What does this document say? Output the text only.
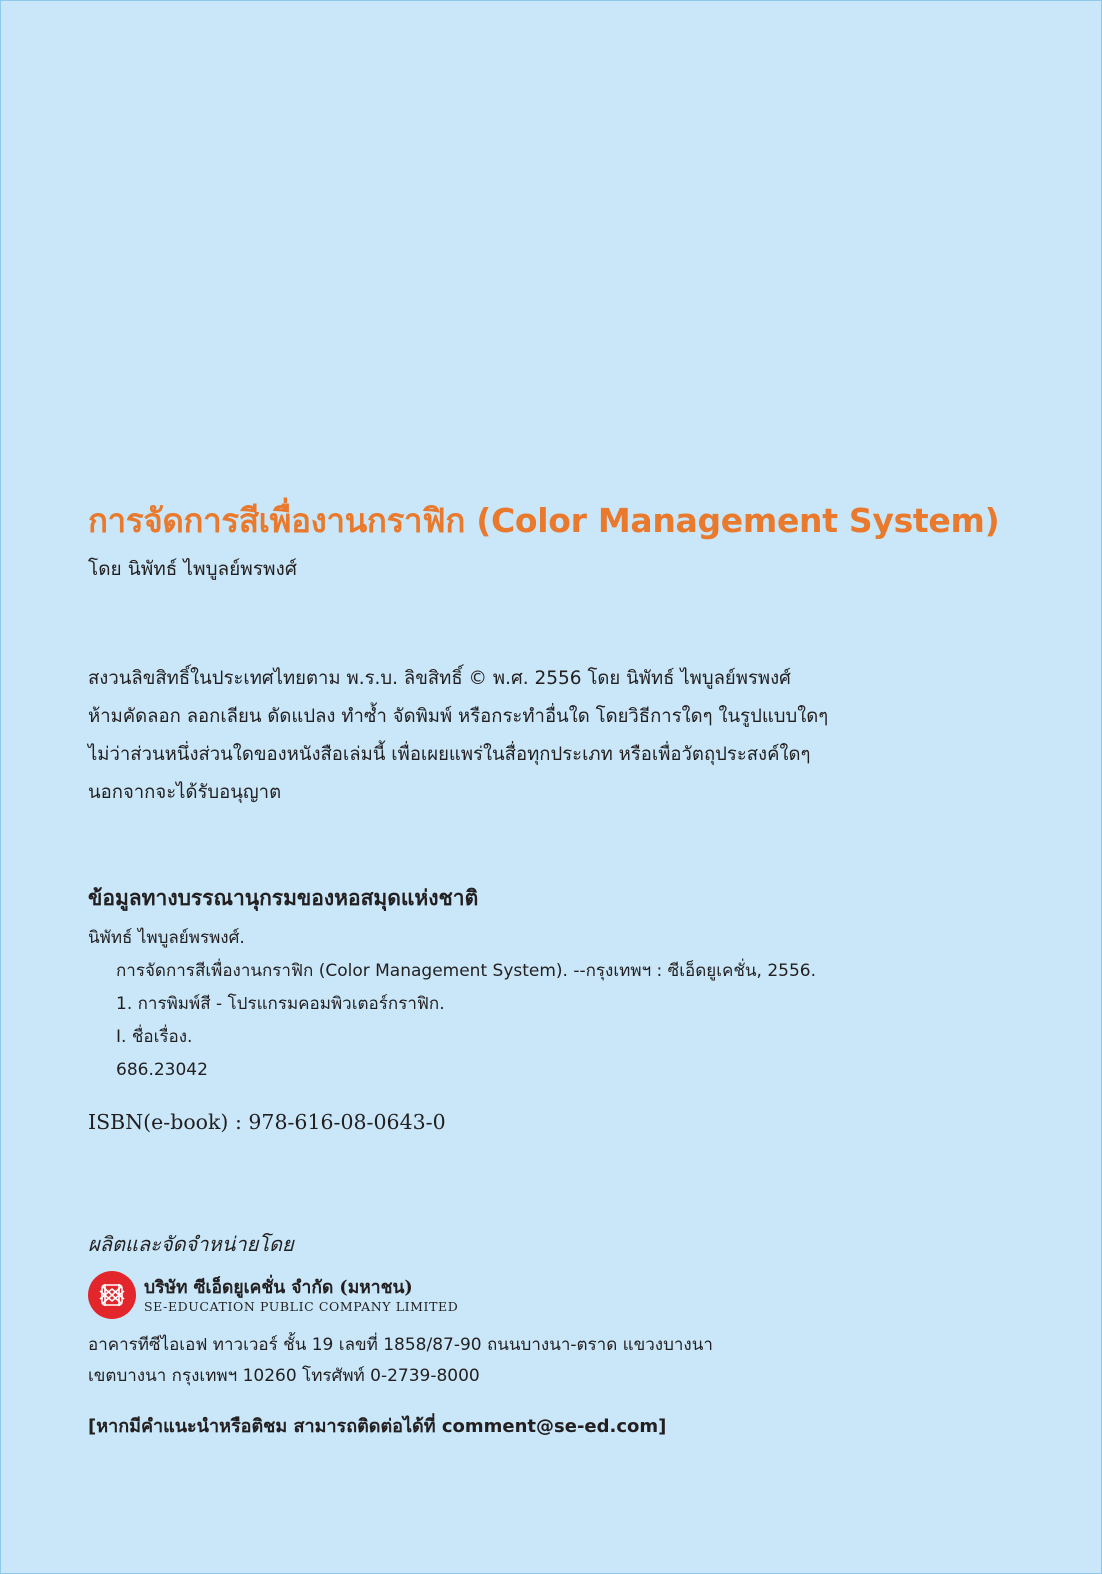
การจัดการสีเพื่องานกราฟิก (Color Management System)
โดย นิพัทธ์ ไพบูลย์พรพงศ์
สงวนลิขสิทธิ์ในประเทศไทยตาม พ.ร.บ. ลิขสิทธิ์ © พ.ศ. 2556 โดย นิพัทธ์ ไพบูลย์พรพงศ์
ห้ามคัดลอก ลอกเลียน ดัดแปลง ทำซ้ำ จัดพิมพ์ หรือกระทำอื่นใด โดยวิธีการใดๆ ในรูปแบบใดๆ
ไม่ว่าส่วนหนึ่งส่วนใดของหนังสือเล่มนี้ เพื่อเผยแพร่ในสื่อทุกประเภท หรือเพื่อวัตถุประสงค์ใดๆ
นอกจากจะได้รับอนุญาต
ข้อมูลทางบรรณานุกรมของหอสมุดแห่งชาติ
นิพัทธ์ ไพบูลย์พรพงศ์.
การจัดการสีเพื่องานกราฟิก (Color Management System). --กรุงเทพฯ : ซีเอ็ดยูเคชั่น, 2556.
1. การพิมพ์สี - โปรแกรมคอมพิวเตอร์กราฟิก.
I. ชื่อเรื่อง.
686.23042
ISBN(e-book) : 978-616-08-0643-0
ผลิตและจัดจำหน่ายโดย
บริษัท ซีเอ็ดยูเคชั่น จำกัด (มหาชน)
SE-EDUCATION PUBLIC COMPANY LIMITED
อาคารทีซีไอเอฟ ทาวเวอร์ ชั้น 19 เลขที่ 1858/87-90 ถนนบางนา-ตราด แขวงบางนา
เขตบางนา กรุงเทพฯ 10260 โทรศัพท์ 0-2739-8000
[หากมีคำแนะนำหรือติชม สามารถติดต่อได้ที่ comment@se-ed.com]
